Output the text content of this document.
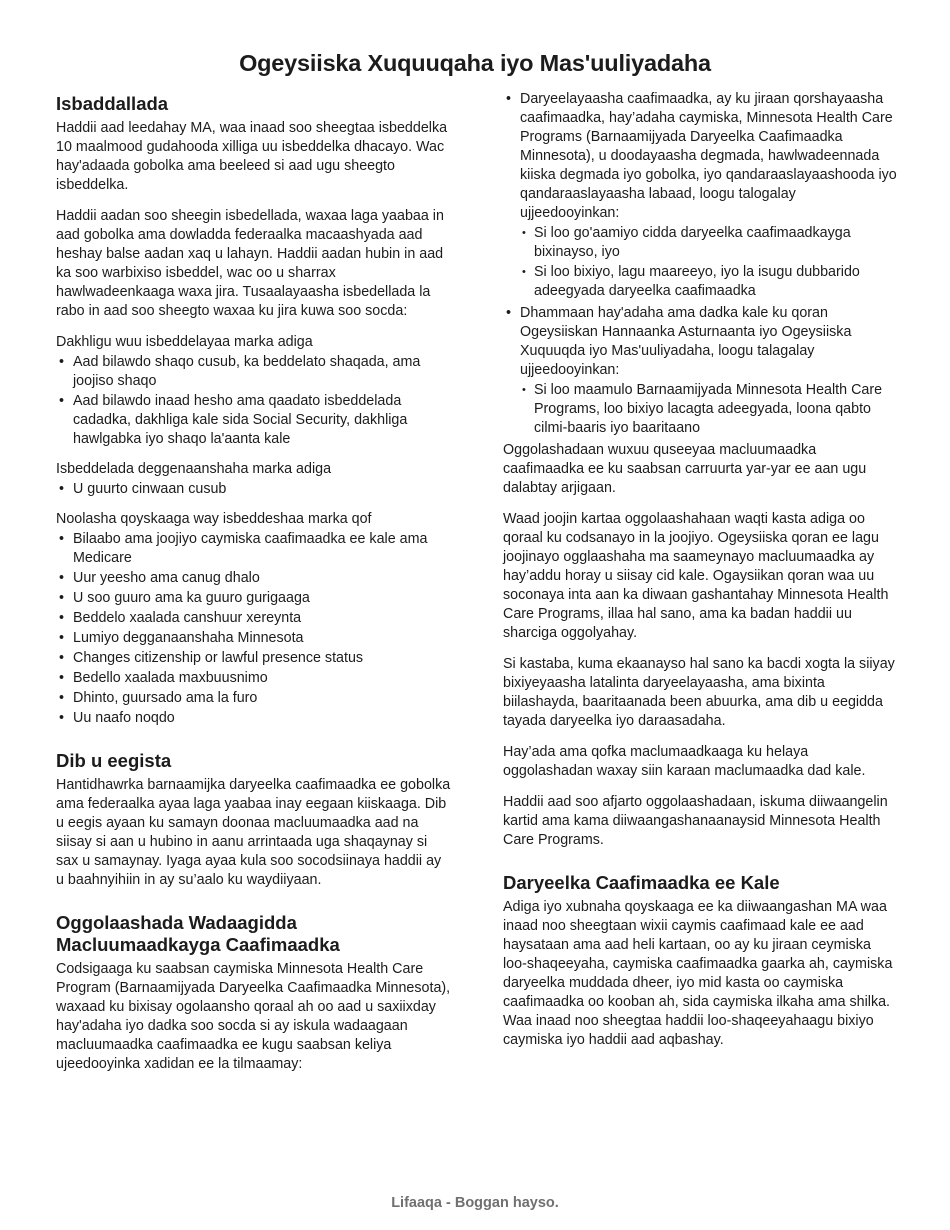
Ogeysiiska Xuquuqaha iyo Mas'uuliyadaha
Isbaddallada

Haddii aad leedahay MA, waa inaad soo sheegtaa isbeddelka 10 maalmood gudahooda xilliga uu isbeddelka dhacayo. Wac hay'adaada gobolka ama beeleed si aad ugu sheegto isbeddelka.

Haddii aadan soo sheegin isbedellada, waxaa laga yaabaa in aad gobolka ama dowladda federaalka macaashyada aad heshay balse aadan xaq u lahayn. Haddii aadan hubin in aad ka soo warbixiso isbeddel, wac oo u sharrax hawlwadeenkaaga waxa jira. Tusaalayaasha isbedellada la rabo in aad soo sheegto waxaa ku jira kuwa soo socda:

Dakhligu wuu isbeddelayaa marka adiga

• Aad bilawdo shaqo cusub, ka beddelato shaqada, ama joojiso shaqo
• Aad bilawdo inaad hesho ama qaadato isbeddelada cadadka, dakhliga kale sida Social Security, dakhliga hawlgabka iyo shaqo la'aanta kale

Isbeddelada deggenaanshaha marka adiga

• U guurto cinwaan cusub

Noolasha qoyskaaga way isbeddeshaa marka qof

• Bilaabo ama joojiyo caymiska caafimaadka ee kale ama Medicare
• Uur yeesho ama canug dhalo
• U soo guuro ama ka guuro gurigaaga
• Beddelo xaalada canshuur xereynta
• Lumiyo degganaanshaha Minnesota
• Changes citizenship or lawful presence status
• Bedello xaalada maxbuusnimo
• Dhinto, guursado ama la furo
• Uu naafo noqdo
Dib u eegista

Hantidhawrka barnaamijka daryeelka caafimaadka ee gobolka ama federaalka ayaa laga yaabaa inay eegaan kiiskaaga. Dib u eegis ayaan ku samayn doonaa macluumaadka aad na siisay si aan u hubino in aanu arrintaada uga shaqaynay si sax u samaynay. Iyaga ayaa kula soo socodsiinaya haddii ay u baahnyihiin in ay su’aalo ku waydiiyaan.

Oggolaashada Wadaagidda Macluumaadkayga Caafimaadka

Codsigaaga ku saabsan caymiska Minnesota Health Care Program (Barnaamijyada Daryeelka Caafimaadka Minnesota), waxaad ku bixisay ogolaansho qoraal ah oo aad u saxiixday hay'adaha iyo dadka soo socda si ay iskula wadaagaan macluumaadka caafimaadka ee kugu saabsan keliya ujeedooyinka xadidan ee la tilmaamay:

• Daryeelayaasha caafimaadka, ay ku jiraan qorshayaasha caafimaadka, hay’adaha caymiska, Minnesota Health Care Programs (Barnaamijyada Daryeelka Caafimaadka Minnesota), u doodayaasha degmada, hawlwadeennada kiiska degmada iyo gobolka, iyo qandaraaslayaashooda iyo qandaraaslayaasha labaad, loogu talogalay ujjeedooyinkan:
• Si loo go'aamiyo cidda daryeelka caafimaadkayga bixinayso, iyo
• Si loo bixiyo, lagu maareeyo, iyo la isugu dubbarido adeegyada daryeelka caafimaadka
• Dhammaan hay'adaha ama dadka kale ku qoran Ogeysiiskan Hannaanka Asturnaanta iyo Ogeysiiska Xuquuqda iyo Mas'uuliyadaha, loogu talagalay ujjeedooyinkan:
• Si loo maamulo Barnaamijyada Minnesota Health Care Programs, loo bixiyo lacagta adeegyada, loona qabto cilmi-baaris iyo baaritaano

Oggolashadaan wuxuu quseeyaa macluumaadka caafimaadka ee ku saabsan carruurta yar-yar ee aan ugu dalabtay arjigaan.

Waad joojin kartaa oggolaashahaan waqti kasta adiga oo qoraal ku codsanayo in la joojiyo. Ogeysiiska qoran ee lagu joojinayo ogglaashaha ma saameynayo macluumaadka ay hay’addu horay u siisay cid kale. Ogaysiikan qoran waa uu soconaya inta aan ka diwaan gashantahay Minnesota Health Care Programs, illaa hal sano, ama ka badan haddii uu sharciga oggolyahay.

Si kastaba, kuma ekaanayso hal sano ka bacdi xogta la siiyay bixiyeyaasha latalinta daryeelayaasha, ama bixinta biilashayda, baaritaanada been abuurka, ama dib u eegidda tayada daryeelka iyo daraasadaha.

Hay’ada ama qofka maclumaadkaaga ku helaya oggolashadan waxay siin karaan maclumaadka dad kale.

Haddii aad soo afjarto oggolaashadaan, iskuma diiwaangelin kartid ama kama diiwaangashanaanaysid Minnesota Health Care Programs.

Daryeelka Caafimaadka ee Kale

Adiga iyo xubnaha qoyskaaga ee ka diiwaangashan MA waa inaad noo sheegtaan wixii caymis caafimaad kale ee aad haysataan ama aad heli kartaan, oo ay ku jiraan ceymiska loo-shaqeeyaha, caymiska caafimaadka gaarka ah, caymiska daryeelka muddada dheer, iyo mid kasta oo caymiska caafimaadka oo kooban ah, sida caymiska ilkaha ama shilka. Waa inaad noo sheegtaa haddii loo-shaqeeyahaagu bixiyo caymiska iyo haddii aad aqbashay.

Lifaaqa - Boggan hayso.
